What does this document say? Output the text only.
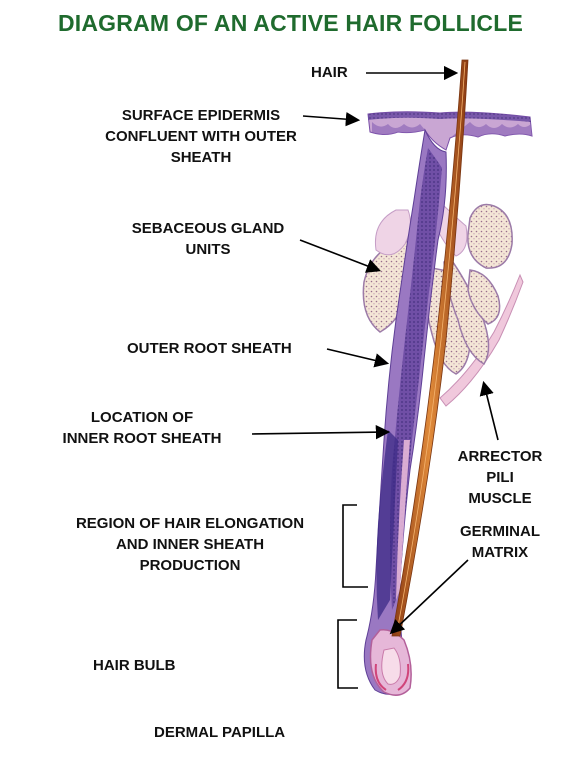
DIAGRAM OF AN ACTIVE HAIR FOLLICLE
HAIR
SURFACE EPIDERMIS
CONFLUENT WITH OUTER
SHEATH
SEBACEOUS GLAND
UNITS
OUTER ROOT SHEATH
LOCATION OF
INNER ROOT SHEATH
ARRECTOR
PILI
MUSCLE
REGION OF HAIR ELONGATION
AND INNER SHEATH
PRODUCTION
GERMINAL
MATRIX
HAIR BULB
DERMAL PAPILLA
